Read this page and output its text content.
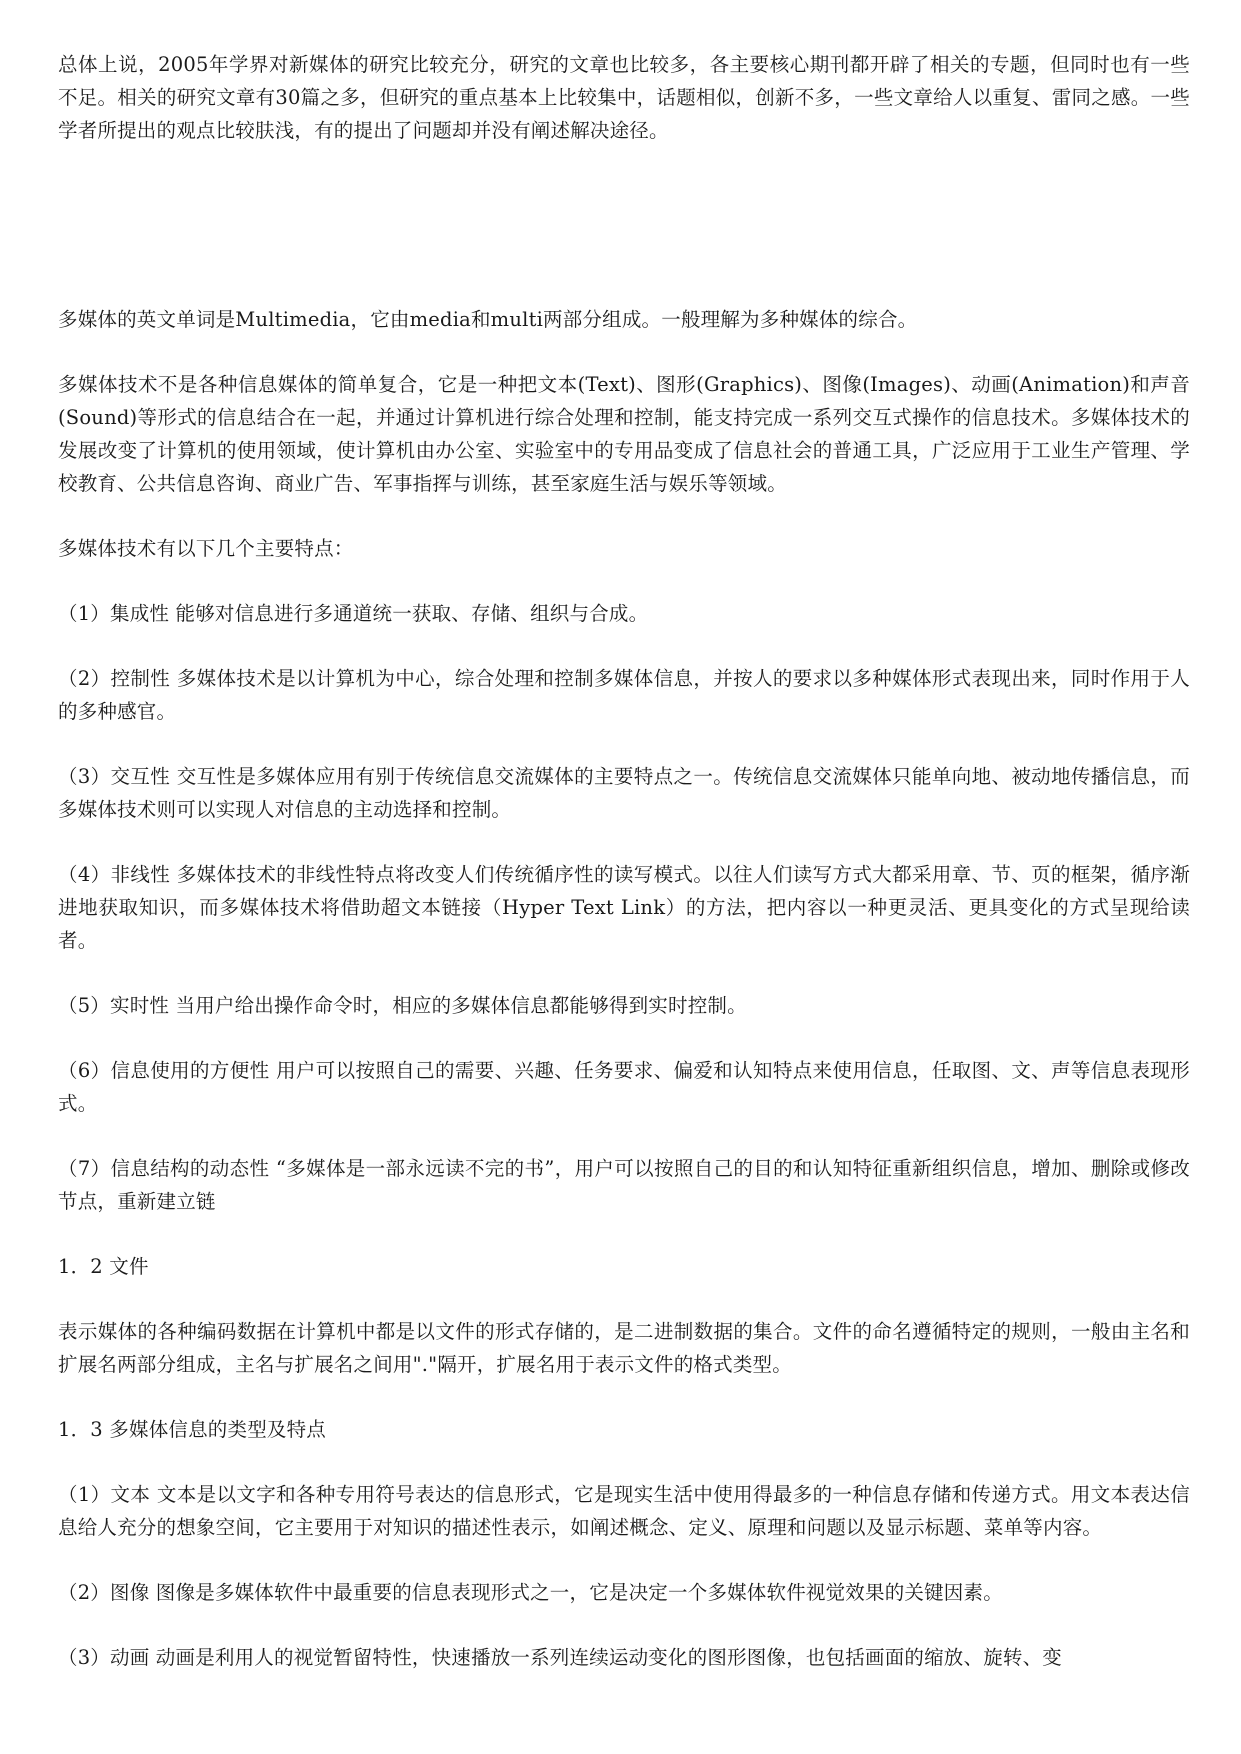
总体上说，2005年学界对新媒体的研究比较充分，研究的文章也比较多，各主要核心期刊都开辟了相关的专题，但同时也有一些不足。相关的研究文章有30篇之多，但研究的重点基本上比较集中，话题相似，创新不多，一些文章给人以重复、雷同之感。一些学者所提出的观点比较肤浅，有的提出了问题却并没有阐述解决途径。

多媒体的英文单词是Multimedia，它由media和multi两部分组成。一般理解为多种媒体的综合。

多媒体技术不是各种信息媒体的简单复合，它是一种把文本(Text)、图形(Graphics)、图像(Images)、动画(Animation)和声音(Sound)等形式的信息结合在一起，并通过计算机进行综合处理和控制，能支持完成一系列交互式操作的信息技术。多媒体技术的发展改变了计算机的使用领域，使计算机由办公室、实验室中的专用品变成了信息社会的普通工具，广泛应用于工业生产管理、学校教育、公共信息咨询、商业广告、军事指挥与训练，甚至家庭生活与娱乐等领域。

多媒体技术有以下几个主要特点：

（1）集成性 能够对信息进行多通道统一获取、存储、组织与合成。

（2）控制性 多媒体技术是以计算机为中心，综合处理和控制多媒体信息，并按人的要求以多种媒体形式表现出来，同时作用于人的多种感官。

（3）交互性 交互性是多媒体应用有别于传统信息交流媒体的主要特点之一。传统信息交流媒体只能单向地、被动地传播信息，而多媒体技术则可以实现人对信息的主动选择和控制。

（4）非线性 多媒体技术的非线性特点将改变人们传统循序性的读写模式。以往人们读写方式大都采用章、节、页的框架，循序渐进地获取知识，而多媒体技术将借助超文本链接（Hyper Text Link）的方法，把内容以一种更灵活、更具变化的方式呈现给读者。

（5）实时性 当用户给出操作命令时，相应的多媒体信息都能够得到实时控制。

（6）信息使用的方便性 用户可以按照自己的需要、兴趣、任务要求、偏爱和认知特点来使用信息，任取图、文、声等信息表现形式。

（7）信息结构的动态性 “多媒体是一部永远读不完的书”，用户可以按照自己的目的和认知特征重新组织信息，增加、删除或修改节点，重新建立链

1．2 文件

表示媒体的各种编码数据在计算机中都是以文件的形式存储的，是二进制数据的集合。文件的命名遵循特定的规则，一般由主名和扩展名两部分组成，主名与扩展名之间用"."隔开，扩展名用于表示文件的格式类型。

1．3 多媒体信息的类型及特点

（1）文本 文本是以文字和各种专用符号表达的信息形式，它是现实生活中使用得最多的一种信息存储和传递方式。用文本表达信息给人充分的想象空间，它主要用于对知识的描述性表示，如阐述概念、定义、原理和问题以及显示标题、菜单等内容。

（2）图像 图像是多媒体软件中最重要的信息表现形式之一，它是决定一个多媒体软件视觉效果的关键因素。

（3）动画 动画是利用人的视觉暂留特性，快速播放一系列连续运动变化的图形图像，也包括画面的缩放、旋转、变
